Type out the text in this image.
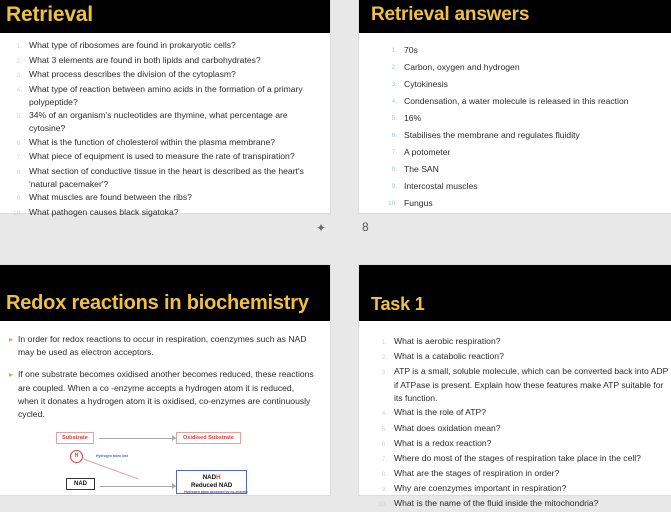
Retrieval
1. What type of ribosomes are found in prokaryotic cells?
2. What 3 elements are found in both lipids and carbohydrates?
3. What process describes the division of the cytoplasm?
4. What type of reaction between amino acids in the formation of a primary polypeptide?
5. 34% of an organism's nucleotides are thymine, what percentage are cytosine?
6. What is the function of cholesterol within the plasma membrane?
7. What piece of equipment is used to measure the rate of transpiration?
8. What section of conductive tissue in the heart is described as the heart's 'natural pacemaker'?
9. What muscles are found between the ribs?
10. What pathogen causes black sigatoka?
Retrieval answers
1. 70s
2. Carbon, oxygen and hydrogen
3. Cytokinesis
4. Condensation, a water molecule is released in this reaction
5. 16%
6. Stabilises the membrane and regulates fluidity
7. A potometer
8. The SAN
9. Intercostal muscles
10. Fungus
Redox reactions in biochemistry
▸ In order for redox reactions to occur in respiration, coenzymes such as NAD may be used as electron acceptors.
▸ If one substrate becomes oxidised another becomes reduced, these reactions are coupled. When a co -enzyme accepts a hydrogen atom it is reduced, when it donates a hydrogen atom it is oxidised, co-enzymes are continuously cycled.
Substrate	Oxidised Substrate
H
NAD
NADH
Reduced NAD
Hydrogen atom lost
Hydrogen atom accepted by co-enzyme
Task 1
1. What is aerobic respiration?
2. What is a catabolic reaction?
3. ATP is a small, soluble molecule, which can be converted back into ADP if ATPase is present. Explain how these features make ATP suitable for its function.
4. What is the role of ATP?
5. What does oxidation mean?
6. What is a redox reaction?
7. Where do most of the stages of respiration take place in the cell?
8. What are the stages of respiration in order?
9. Why are coenzymes important in respiration?
10. What is the name of the fluid inside the mitochondria?
✦	8
